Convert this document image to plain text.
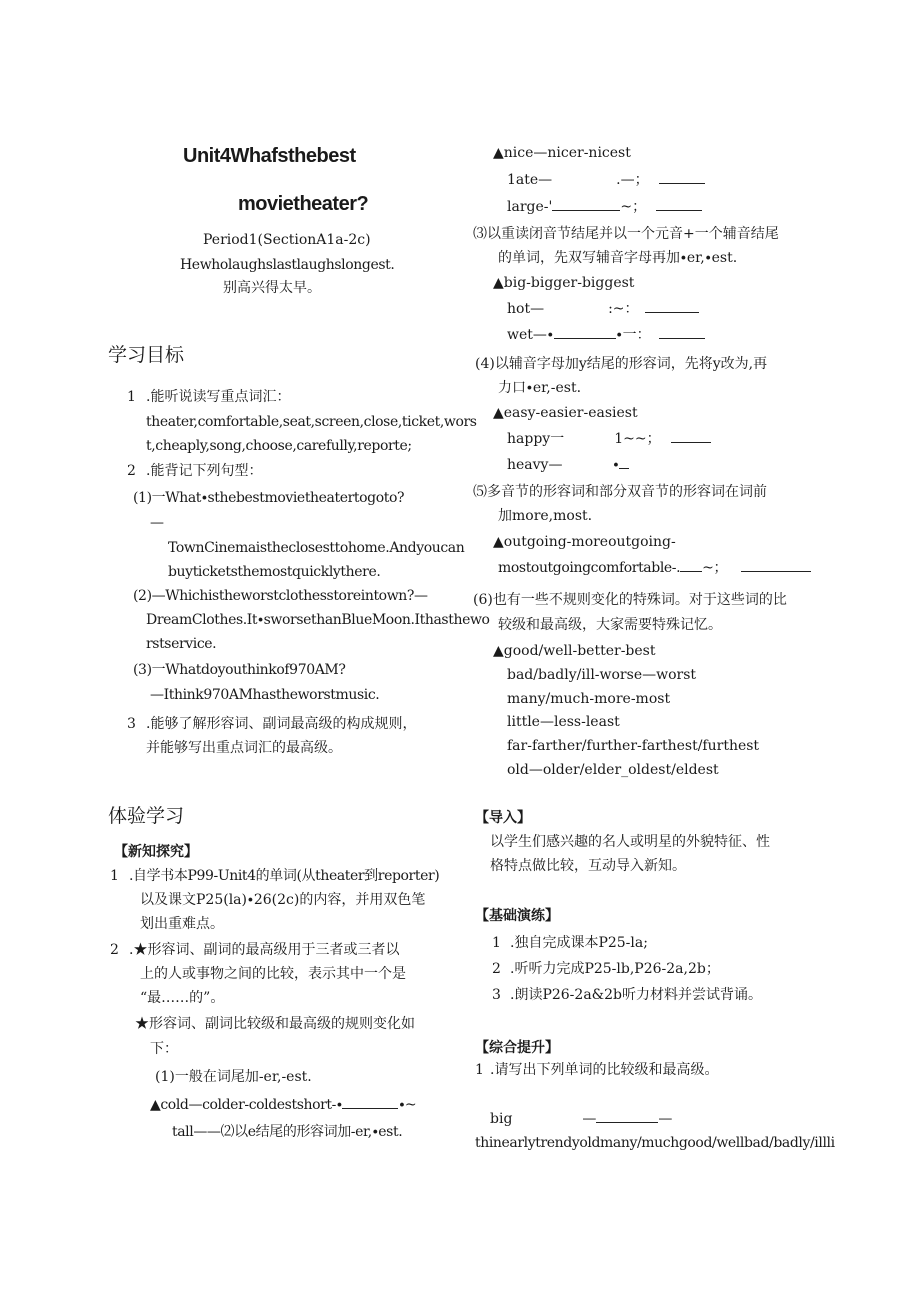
Unit4Whafsthebest
movietheater?
Period1(SectionA1a-2c)
Hewholaughslastlaughslongest.
别高兴得太早。
学习目标
1 .能听说读写重点词汇：
theater,comfortable,seat,screen,close,ticket,wors
t,cheaply,song,choose,carefully,reporte;
2 .能背记下列句型：
(1)一What∙sthebestmovietheatertogoto?
—
TownCinemaistheclosesttohome.Andyoucan
buyticketsthemostquicklythere.
(2)—Whichistheworstclothesstoreintown?—
DreamClothes.It∙sworsethanBlueMoon.Ithasthewo
rstservice.
(3)一Whatdoyouthinkof970AM?
—Ithink970AMhastheworstmusic.
3 .能够了解形容词、副词最高级的构成规则，
并能够写出重点词汇的最高级。
体验学习
【新知探究】
1 .自学书本P99-Unit4的单词(从theater到reporter)
以及课文P25(la)∙26(2c)的内容，并用双色笔
划出重难点。
2 .★形容词、副词的最高级用于三者或三者以
上的人或事物之间的比较，表示其中一个是
“最……的”。
★形容词、副词比较级和最高级的规则变化如
下：
(1)一般在词尾加-er,-est.
▲cold—colder-coldestshort-∙	∙~
tall——⑵以e结尾的形容词加-er,∙est.
▲nice—nicer-nicest
1ate—	.—；
large-'	~；
⑶以重读闭音节结尾并以一个元音+一个辅音结尾
的单词，先双写辅音字母再加∙er,∙est.
▲big-bigger-biggest
hot—	:~：
wet—∙	∙一：
(4)以辅音字母加y结尾的形容词，先将y改为,再
力口∙er,-est.
▲easy-easier-easiest
happy一	1~~；
heavy—	∙
⑸多音节的形容词和部分双音节的形容词在词前
加more,most.
▲outgoing-moreoutgoing-
mostoutgoingcomfortable-. ~；
(6)也有一些不规则变化的特殊词。对于这些词的比
较级和最高级，大家需要特殊记忆。
▲good/well-better-best
bad/badly/ill-worse—worst
many/much-more-most
little—less-least
far-farther/further-farthest/furthest
old—older/elder_oldest/eldest
【导入】
以学生们感兴趣的名人或明星的外貌特征、性
格特点做比较，互动导入新知。
【基础演练】
1 .独自完成课本P25-la;
2 .听听力完成P25-lb,P26-2a,2b；
3 .朗读P26-2a&2b听力材料并尝试背诵。
【综合提升】
1 .请写出下列单词的比较级和最高级。
big	—	—
thinearlytrendyoldmany/muchgood/wellbad/badly/illli
